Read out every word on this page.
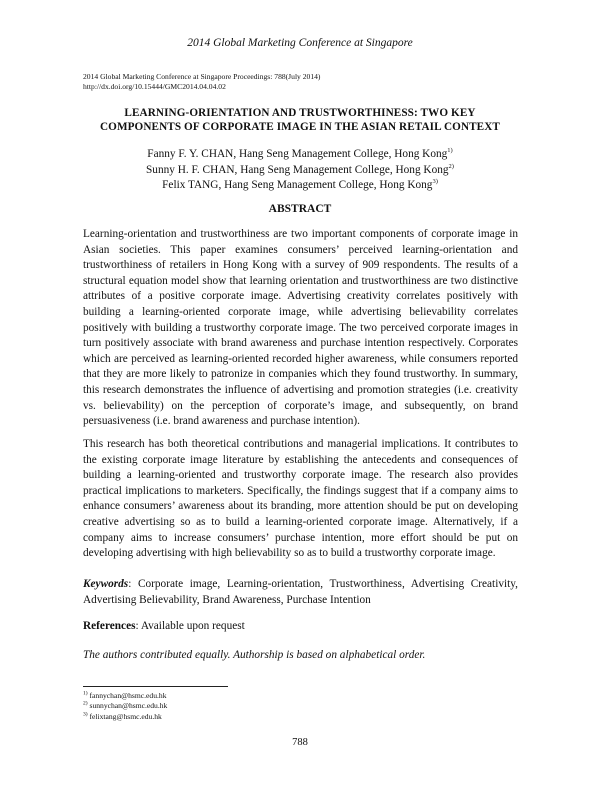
2014 Global Marketing Conference at Singapore
2014 Global Marketing Conference at Singapore Proceedings: 788(July 2014)
http://dx.doi.org/10.15444/GMC2014.04.04.02
LEARNING-ORIENTATION AND TRUSTWORTHINESS: TWO KEY
COMPONENTS OF CORPORATE IMAGE IN THE ASIAN RETAIL CONTEXT
Fanny F. Y. CHAN, Hang Seng Management College, Hong Kong$^{1)}$
Sunny H. F. CHAN, Hang Seng Management College, Hong Kong$^{2)}$
Felix TANG, Hang Seng Management College, Hong Kong$^{3)}$
ABSTRACT

Learning-orientation and trustworthiness are two important components of corporate image in Asian societies. This paper examines consumers’ perceived learning-orientation and trustworthiness of retailers in Hong Kong with a survey of 909 respondents. The results of a structural equation model show that learning orientation and trustworthiness are two distinctive attributes of a positive corporate image. Advertising creativity correlates positively with building a learning-oriented corporate image, while advertising believability correlates positively with building a trustworthy corporate image. The two perceived corporate images in turn positively associate with brand awareness and purchase intention respectively. Corporates which are perceived as learning-oriented recorded higher awareness, while consumers reported that they are more likely to patronize in companies which they found trustworthy. In summary, this research demonstrates the influence of advertising and promotion strategies (i.e. creativity vs. believability) on the perception of corporate’s image, and subsequently, on brand persuasiveness (i.e. brand awareness and purchase intention).

This research has both theoretical contributions and managerial implications. It contributes to the existing corporate image literature by establishing the antecedents and consequences of building a learning-oriented and trustworthy corporate image. The research also provides practical implications to marketers. Specifically, the findings suggest that if a company aims to enhance consumers’ awareness about its branding, more attention should be put on developing creative advertising so as to build a learning-oriented corporate image. Alternatively, if a company aims to increase consumers’ purchase intention, more effort should be put on developing advertising with high believability so as to build a trustworthy corporate image.

Keywords: Corporate image, Learning-orientation, Trustworthiness, Advertising Creativity, Advertising Believability, Brand Awareness, Purchase Intention

References: Available upon request

The authors contributed equally. Authorship is based on alphabetical order.

$^{1)}$ fannychan@hsmc.edu.hk
$^{2)}$ sunnychan@hsmc.edu.hk
$^{3)}$ felixtang@hsmc.edu.hk
788
